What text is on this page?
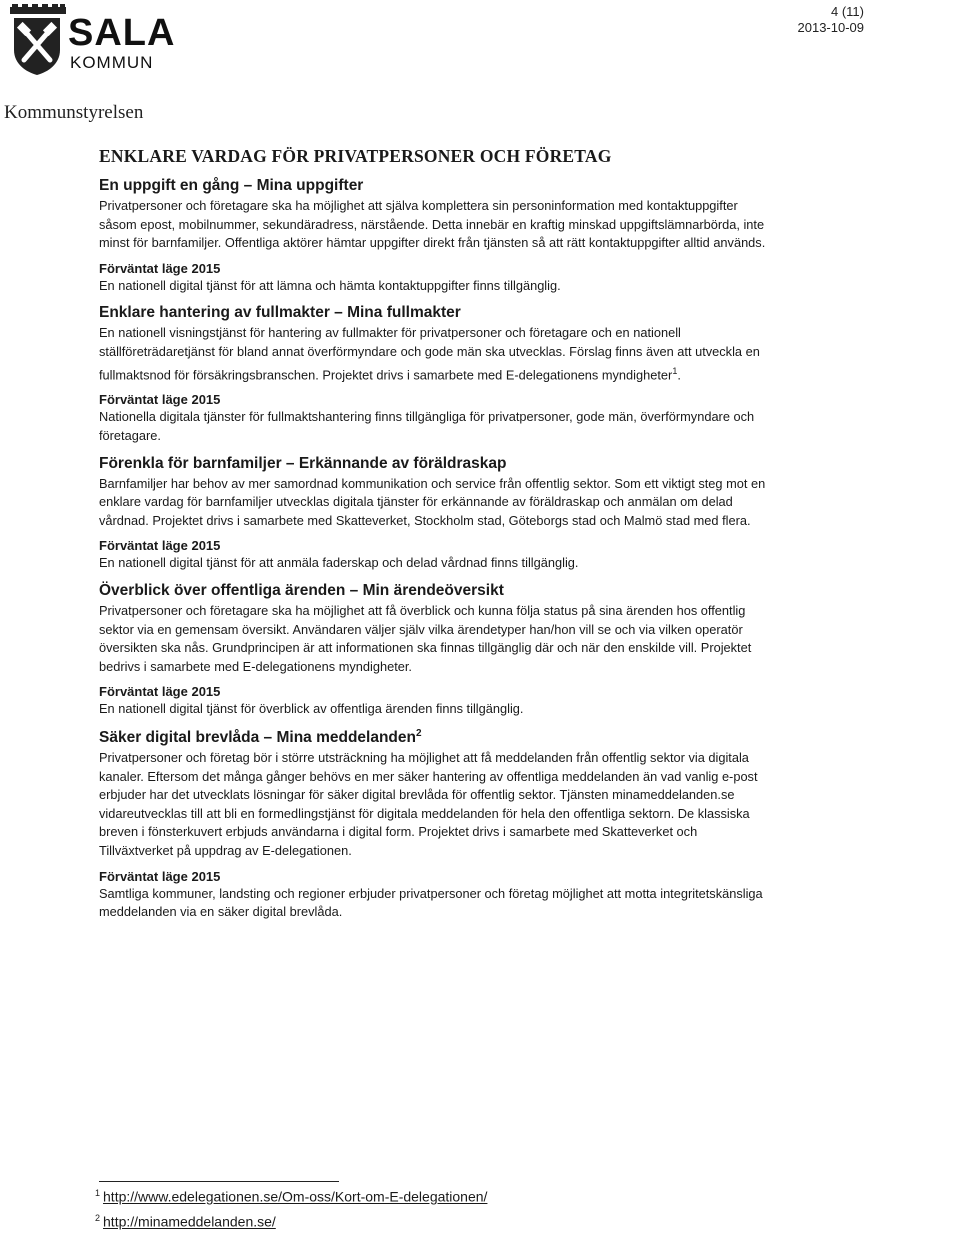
SALA
KOMMUN
4 (11)
2013-10-09
Kommunstyrelsen
ENKLARE VARDAG FÖR PRIVATPERSONER OCH FÖRETAG
En uppgift en gång – Mina uppgifter

Privatpersoner och företagare ska ha möjlighet att själva komplettera sin personinformation med kontaktuppgifter såsom epost, mobilnummer, sekundäradress, närstående. Detta innebär en kraftig minskad uppgiftslämnarbörda, inte minst för barnfamiljer. Offentliga aktörer hämtar uppgifter direkt från tjänsten så att rätt kontaktuppgifter alltid används.

Förväntat läge 2015

En nationell digital tjänst för att lämna och hämta kontaktuppgifter finns tillgänglig.

Enklare hantering av fullmakter – Mina fullmakter

En nationell visningstjänst för hantering av fullmakter för privatpersoner och företagare och en nationell ställföreträdaretjänst för bland annat överförmyndare och gode män ska utvecklas. Förslag finns även att utveckla en fullmaktsnod för försäkringsbranschen. Projektet drivs i samarbete med E-delegationens myndigheter$^1$.

Förväntat läge 2015

Nationella digitala tjänster för fullmaktshantering finns tillgängliga för privatpersoner, gode män, överförmyndare och företagare.

Förenkla för barnfamiljer – Erkännande av föräldraskap

Barnfamiljer har behov av mer samordnad kommunikation och service från offentlig sektor. Som ett viktigt steg mot en enklare vardag för barnfamiljer utvecklas digitala tjänster för erkännande av föräldraskap och anmälan om delad vårdnad. Projektet drivs i samarbete med Skatteverket, Stockholm stad, Göteborgs stad och Malmö stad med flera.

Förväntat läge 2015

En nationell digital tjänst för att anmäla faderskap och delad vårdnad finns tillgänglig.

Överblick över offentliga ärenden – Min ärendeöversikt

Privatpersoner och företagare ska ha möjlighet att få överblick och kunna följa status på sina ärenden hos offentlig sektor via en gemensam översikt. Användaren väljer själv vilka ärendetyper han/hon vill se och via vilken operatör översikten ska nås. Grundprincipen är att informationen ska finnas tillgänglig där och när den enskilde vill. Projektet bedrivs i samarbete med E-delegationens myndigheter.

Förväntat läge 2015

En nationell digital tjänst för överblick av offentliga ärenden finns tillgänglig.

Säker digital brevlåda – Mina meddelanden$^2$

Privatpersoner och företag bör i större utsträckning ha möjlighet att få meddelanden från offentlig sektor via digitala kanaler. Eftersom det många gånger behövs en mer säker hantering av offentliga meddelanden än vad vanlig e-post erbjuder har det utvecklats lösningar för säker digital brevlåda för offentlig sektor. Tjänsten minameddelanden.se vidareutvecklas till att bli en formedlingstjänst för digitala meddelanden för hela den offentliga sektorn. De klassiska breven i fönsterkuvert erbjuds användarna i digital form. Projektet drivs i samarbete med Skatteverket och Tillväxtverket på uppdrag av E-delegationen.

Förväntat läge 2015

Samtliga kommuner, landsting och regioner erbjuder privatpersoner och företag möjlighet att motta integritetskänsliga meddelanden via en säker digital brevlåda.

$^1$ http://www.edelegationen.se/Om-oss/Kort-om-E-delegationen/
$^2$ http://minameddelanden.se/
